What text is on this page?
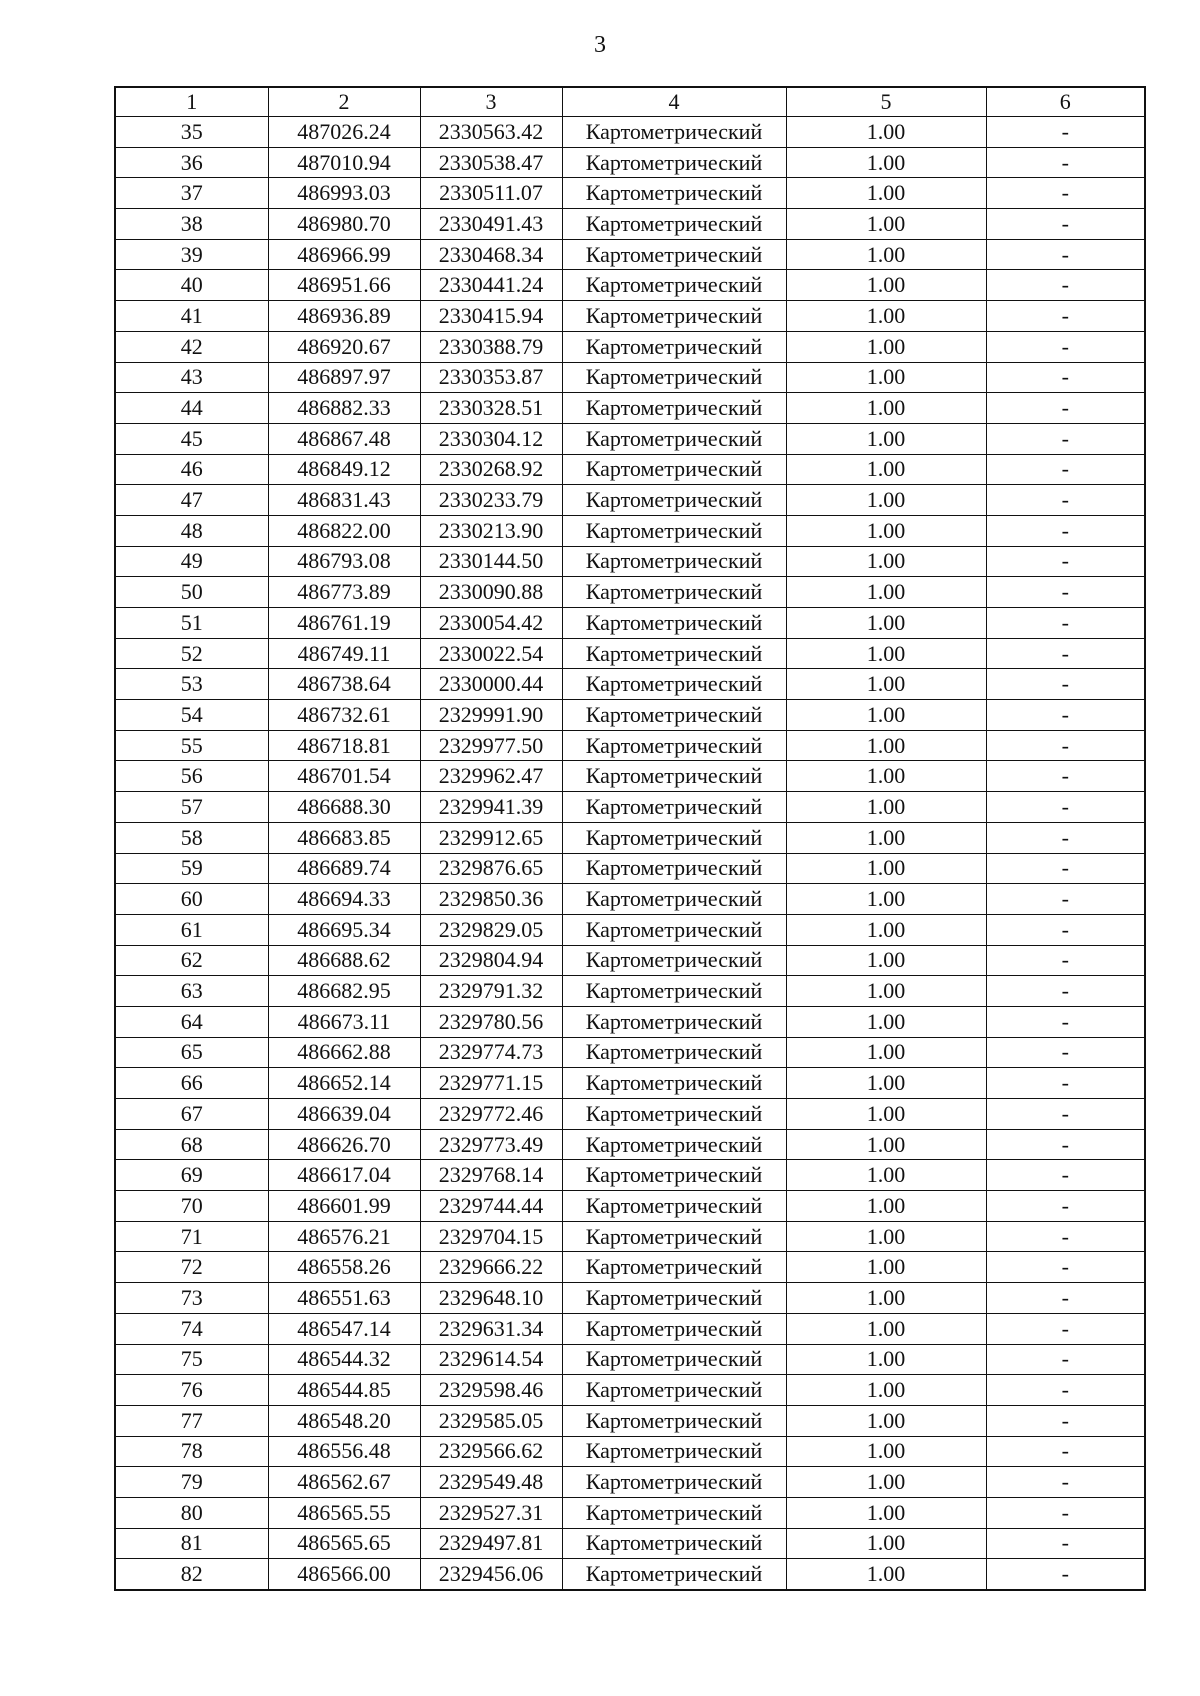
3
1	2	3	4	5	6
35	487026.24	2330563.42	Картометрический	1.00	-
36	487010.94	2330538.47	Картометрический	1.00	-
37	486993.03	2330511.07	Картометрический	1.00	-
38	486980.70	2330491.43	Картометрический	1.00	-
39	486966.99	2330468.34	Картометрический	1.00	-
40	486951.66	2330441.24	Картометрический	1.00	-
41	486936.89	2330415.94	Картометрический	1.00	-
42	486920.67	2330388.79	Картометрический	1.00	-
43	486897.97	2330353.87	Картометрический	1.00	-
44	486882.33	2330328.51	Картометрический	1.00	-
45	486867.48	2330304.12	Картометрический	1.00	-
46	486849.12	2330268.92	Картометрический	1.00	-
47	486831.43	2330233.79	Картометрический	1.00	-
48	486822.00	2330213.90	Картометрический	1.00	-
49	486793.08	2330144.50	Картометрический	1.00	-
50	486773.89	2330090.88	Картометрический	1.00	-
51	486761.19	2330054.42	Картометрический	1.00	-
52	486749.11	2330022.54	Картометрический	1.00	-
53	486738.64	2330000.44	Картометрический	1.00	-
54	486732.61	2329991.90	Картометрический	1.00	-
55	486718.81	2329977.50	Картометрический	1.00	-
56	486701.54	2329962.47	Картометрический	1.00	-
57	486688.30	2329941.39	Картометрический	1.00	-
58	486683.85	2329912.65	Картометрический	1.00	-
59	486689.74	2329876.65	Картометрический	1.00	-
60	486694.33	2329850.36	Картометрический	1.00	-
61	486695.34	2329829.05	Картометрический	1.00	-
62	486688.62	2329804.94	Картометрический	1.00	-
63	486682.95	2329791.32	Картометрический	1.00	-
64	486673.11	2329780.56	Картометрический	1.00	-
65	486662.88	2329774.73	Картометрический	1.00	-
66	486652.14	2329771.15	Картометрический	1.00	-
67	486639.04	2329772.46	Картометрический	1.00	-
68	486626.70	2329773.49	Картометрический	1.00	-
69	486617.04	2329768.14	Картометрический	1.00	-
70	486601.99	2329744.44	Картометрический	1.00	-
71	486576.21	2329704.15	Картометрический	1.00	-
72	486558.26	2329666.22	Картометрический	1.00	-
73	486551.63	2329648.10	Картометрический	1.00	-
74	486547.14	2329631.34	Картометрический	1.00	-
75	486544.32	2329614.54	Картометрический	1.00	-
76	486544.85	2329598.46	Картометрический	1.00	-
77	486548.20	2329585.05	Картометрический	1.00	-
78	486556.48	2329566.62	Картометрический	1.00	-
79	486562.67	2329549.48	Картометрический	1.00	-
80	486565.55	2329527.31	Картометрический	1.00	-
81	486565.65	2329497.81	Картометрический	1.00	-
82	486566.00	2329456.06	Картометрический	1.00	-
